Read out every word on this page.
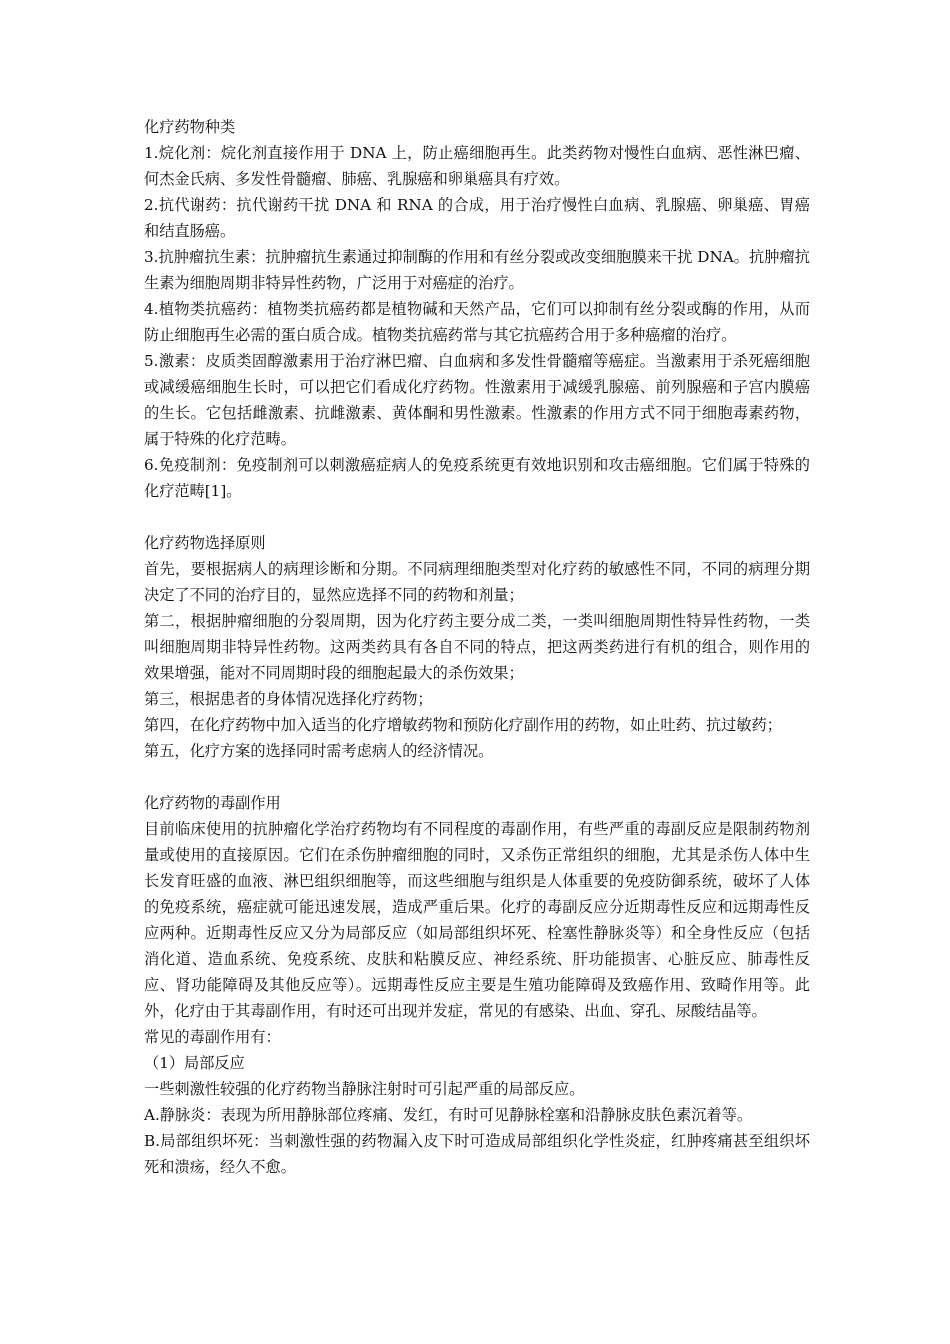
化疗药物种类

1.烷化剂：烷化剂直接作用于 DNA 上，防止癌细胞再生。此类药物对慢性白血病、恶性淋巴瘤、何杰金氏病、多发性骨髓瘤、肺癌、乳腺癌和卵巢癌具有疗效。

2.抗代谢药：抗代谢药干扰 DNA 和 RNA 的合成，用于治疗慢性白血病、乳腺癌、卵巢癌、胃癌和结直肠癌。

3.抗肿瘤抗生素：抗肿瘤抗生素通过抑制酶的作用和有丝分裂或改变细胞膜来干扰 DNA。抗肿瘤抗生素为细胞周期非特异性药物，广泛用于对癌症的治疗。

4.植物类抗癌药：植物类抗癌药都是植物碱和天然产品，它们可以抑制有丝分裂或酶的作用，从而防止细胞再生必需的蛋白质合成。植物类抗癌药常与其它抗癌药合用于多种癌瘤的治疗。

5.激素：皮质类固醇激素用于治疗淋巴瘤、白血病和多发性骨髓瘤等癌症。当激素用于杀死癌细胞或减缓癌细胞生长时，可以把它们看成化疗药物。性激素用于减缓乳腺癌、前列腺癌和子宫内膜癌的生长。它包括雌激素、抗雌激素、黄体酮和男性激素。性激素的作用方式不同于细胞毒素药物，属于特殊的化疗范畴。

6.免疫制剂：免疫制剂可以刺激癌症病人的免疫系统更有效地识别和攻击癌细胞。它们属于特殊的化疗范畴[1]。

化疗药物选择原则

首先，要根据病人的病理诊断和分期。不同病理细胞类型对化疗药的敏感性不同，不同的病理分期决定了不同的治疗目的，显然应选择不同的药物和剂量；

第二，根据肿瘤细胞的分裂周期，因为化疗药主要分成二类，一类叫细胞周期性特异性药物，一类叫细胞周期非特异性药物。这两类药具有各自不同的特点，把这两类药进行有机的组合，则作用的效果增强，能对不同周期时段的细胞起最大的杀伤效果；

第三，根据患者的身体情况选择化疗药物；

第四，在化疗药物中加入适当的化疗增敏药物和预防化疗副作用的药物，如止吐药、抗过敏药；

第五，化疗方案的选择同时需考虑病人的经济情况。

化疗药物的毒副作用

目前临床使用的抗肿瘤化学治疗药物均有不同程度的毒副作用，有些严重的毒副反应是限制药物剂量或使用的直接原因。它们在杀伤肿瘤细胞的同时，又杀伤正常组织的细胞，尤其是杀伤人体中生长发育旺盛的血液、淋巴组织细胞等，而这些细胞与组织是人体重要的免疫防御系统，破坏了人体的免疫系统，癌症就可能迅速发展，造成严重后果。化疗的毒副反应分近期毒性反应和远期毒性反应两种。近期毒性反应又分为局部反应（如局部组织坏死、栓塞性静脉炎等）和全身性反应（包括消化道、造血系统、免疫系统、皮肤和粘膜反应、神经系统、肝功能损害、心脏反应、肺毒性反应、肾功能障碍及其他反应等）。远期毒性反应主要是生殖功能障碍及致癌作用、致畸作用等。此外，化疗由于其毒副作用，有时还可出现并发症，常见的有感染、出血、穿孔、尿酸结晶等。

常见的毒副作用有：

（1）局部反应

一些刺激性较强的化疗药物当静脉注射时可引起严重的局部反应。

A.静脉炎：表现为所用静脉部位疼痛、发红，有时可见静脉栓塞和沿静脉皮肤色素沉着等。

B.局部组织坏死：当刺激性强的药物漏入皮下时可造成局部组织化学性炎症，红肿疼痛甚至组织坏死和溃疡，经久不愈。
